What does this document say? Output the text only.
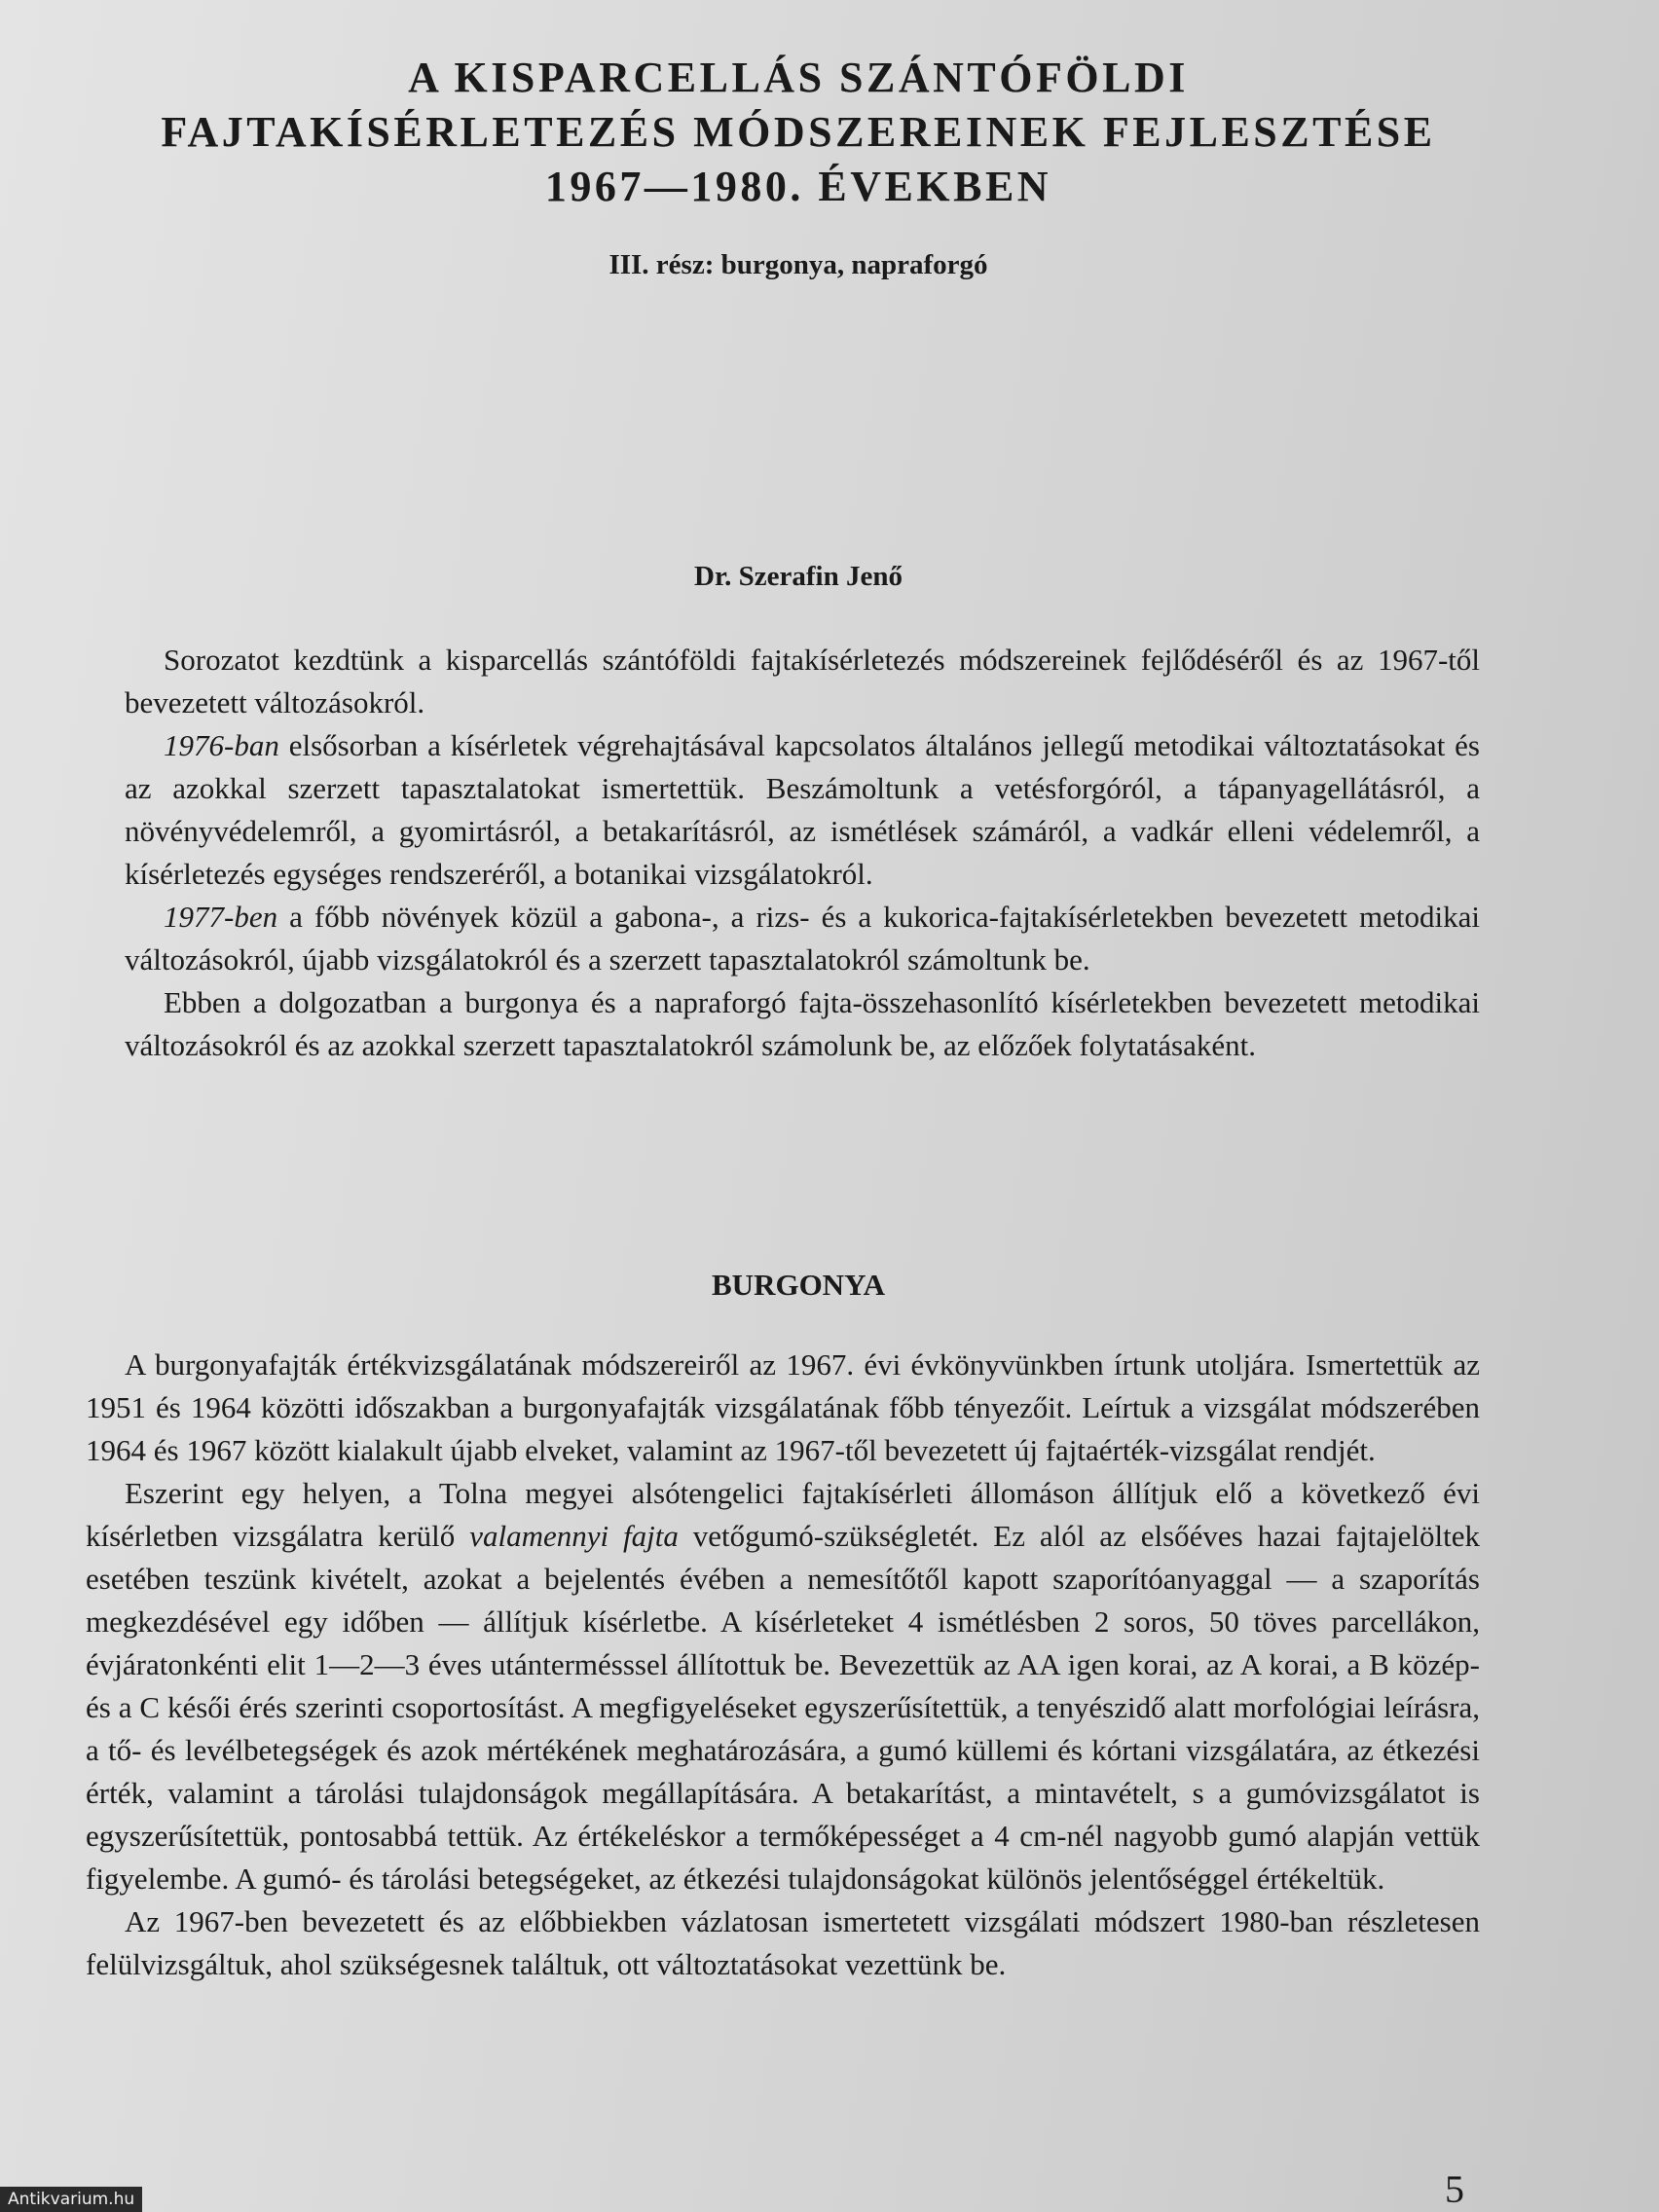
A KISPARCELLÁS SZÁNTÓFÖLDI
FAJTAKÍSÉRLETEZÉS MÓDSZEREINEK FEJLESZTÉSE
1967—1980. ÉVEKBEN
III. rész: burgonya, napraforgó
Dr. Szerafin Jenő

Sorozatot kezdtünk a kisparcellás szántóföldi fajtakísérletezés módszereinek fejlődéséről és az 1967-től bevezetett változásokról.

1976-ban elsősorban a kísérletek végrehajtásával kapcsolatos általános jellegű metodikai változtatásokat és az azokkal szerzett tapasztalatokat ismertettük. Beszámoltunk a vetésforgóról, a tápanyagellátásról, a növényvédelemről, a gyomirtásról, a betakarításról, az ismétlések számáról, a vadkár elleni védelemről, a kísérletezés egységes rendszeréről, a botanikai vizsgálatokról.

1977-ben a főbb növények közül a gabona-, a rizs- és a kukorica-fajtakísérletekben bevezetett metodikai változásokról, újabb vizsgálatokról és a szerzett tapasztalatokról számoltunk be.

Ebben a dolgozatban a burgonya és a napraforgó fajta-összehasonlító kísérletekben bevezetett metodikai változásokról és az azokkal szerzett tapasztalatokról számolunk be, az előzőek folytatásaként.

BURGONYA

A burgonyafajták értékvizsgálatának módszereiről az 1967. évi évkönyvünkben írtunk utoljára. Ismertettük az 1951 és 1964 közötti időszakban a burgonyafajták vizsgálatának főbb tényezőit. Leírtuk a vizsgálat módszerében 1964 és 1967 között kialakult újabb elveket, valamint az 1967-től bevezetett új fajtaérték-vizsgálat rendjét.

Eszerint egy helyen, a Tolna megyei alsótengelici fajtakísérleti állomáson állítjuk elő a következő évi kísérletben vizsgálatra kerülő valamennyi fajta vetőgumó-szükségletét. Ez alól az elsőéves hazai fajtajelöltek esetében teszünk kivételt, azokat a bejelentés évében a nemesítőtől kapott szaporítóanyaggal — a szaporítás megkezdésével egy időben — állítjuk kísérletbe. A kísérleteket 4 ismétlésben 2 soros, 50 töves parcellákon, évjáratonkénti elit 1—2—3 éves utántermésssel állítottuk be. Bevezettük az AA igen korai, az A korai, a B közép- és a C késői érés szerinti csoportosítást. A megfigyeléseket egyszerűsítettük, a tenyészidő alatt morfológiai leírásra, a tő- és levélbetegségek és azok mértékének meghatározására, a gumó küllemi és kórtani vizsgálatára, az étkezési érték, valamint a tárolási tulajdonságok megállapítására. A betakarítást, a mintavételt, s a gumóvizsgálatot is egyszerűsítettük, pontosabbá tettük. Az értékeléskor a termőképességet a 4 cm-nél nagyobb gumó alapján vettük figyelembe. A gumó- és tárolási betegségeket, az étkezési tulajdonságokat különös jelentőséggel értékeltük.

Az 1967-ben bevezetett és az előbbiekben vázlatosan ismertetett vizsgálati módszert 1980-ban részletesen felülvizsgáltuk, ahol szükségesnek találtuk, ott változtatásokat vezettünk be.

5
Antikvarium.hu
